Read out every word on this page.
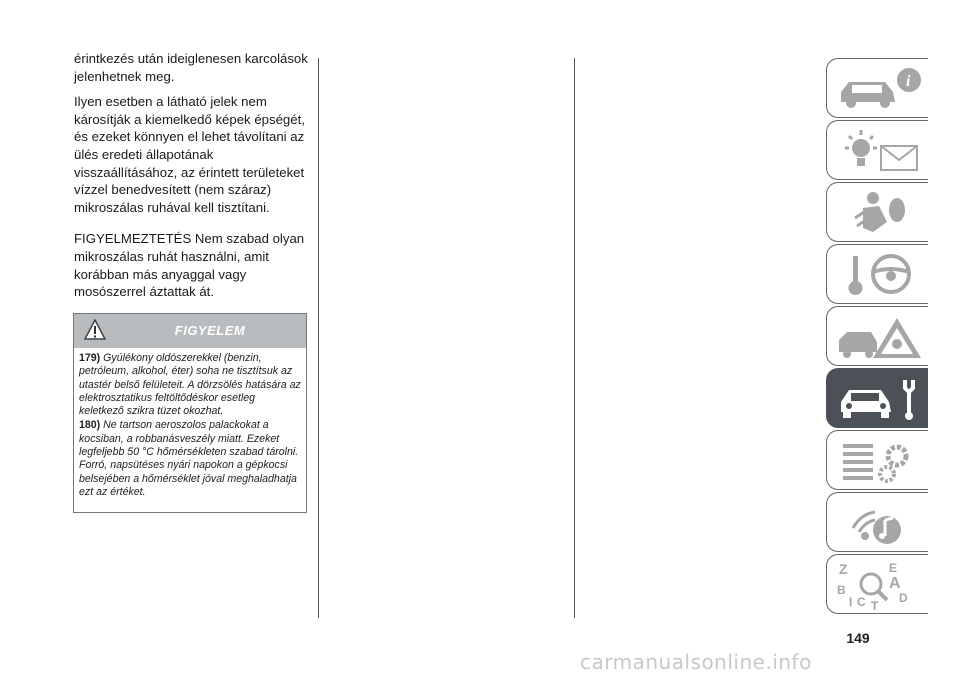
érintkezés után ideiglenesen karcolások jelenhetnek meg.

Ilyen esetben a látható jelek nem károsítják a kiemelkedő képek épségét, és ezeket könnyen el lehet távolítani az ülés eredeti állapotának visszaállításához, az érintett területeket vízzel benedvesített (nem száraz) mikroszálas ruhával kell tisztítani.

FIGYELMEZTETÉS Nem szabad olyan mikroszálas ruhát használni, amit korábban más anyaggal vagy mosószerrel áztattak át.

FIGYELEM

179) Gyúlékony oldószerekkel (benzin, petróleum, alkohol, éter) soha ne tisztítsuk az utastér belső felületeit. A dörzsölés hatására az elektrosztatikus feltöltődéskor esetleg keletkező szikra tüzet okozhat.

180) Ne tartson aeroszolos palackokat a kocsiban, a robbanásveszély miatt. Ezeket legfeljebb 50 °C hőmérsékleten szabad tárolni. Forró, napsütéses nyári napokon a gépkocsi belsejében a hőmérséklet jóval meghaladhatja ezt az értéket.

i
Z	E
B	A
I C T
D
149
carmanualsonline.info
